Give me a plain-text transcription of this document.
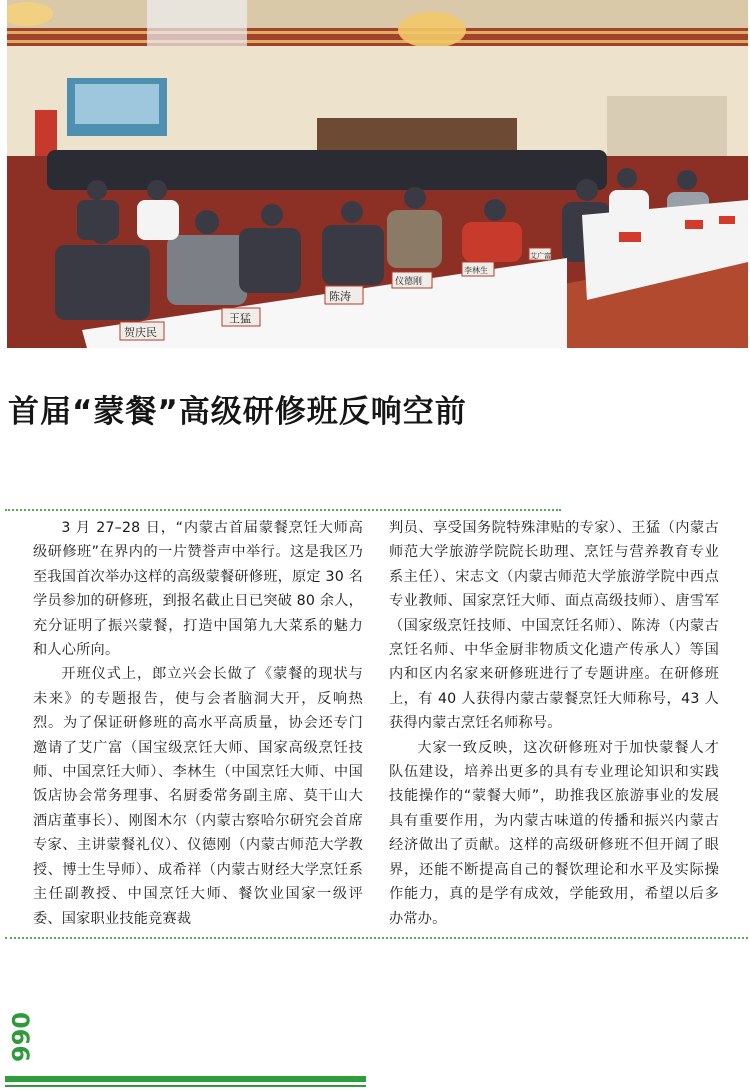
贺庆民
王猛
陈涛
仪德刚
李林生
艾广富
首届“蒙餐”高级研修班反响空前

3 月 27–28 日，“内蒙古首届蒙餐烹饪大师高级研修班”在界内的一片赞誉声中举行。这是我区乃至我国首次举办这样的高级蒙餐研修班，原定 30 名学员参加的研修班，到报名截止日已突破 80 余人，充分证明了振兴蒙餐，打造中国第九大菜系的魅力和人心所向。

开班仪式上，郎立兴会长做了《蒙餐的现状与未来》的专题报告，使与会者脑洞大开，反响热烈。为了保证研修班的高水平高质量，协会还专门邀请了艾广富（国宝级烹饪大师、国家高级烹饪技师、中国烹饪大师）、李林生（中国烹饪大师、中国饭店协会常务理事、名厨委常务副主席、莫干山大酒店董事长）、刚图木尔（内蒙古察哈尔研究会首席专家、主讲蒙餐礼仪）、仪德刚（内蒙古师范大学教授、博士生导师）、成希祥（内蒙古财经大学烹饪系主任副教授、中国烹饪大师、餐饮业国家一级评委、国家职业技能竞赛裁

判员、享受国务院特殊津贴的专家）、王猛（内蒙古师范大学旅游学院院长助理、烹饪与营养教育专业系主任）、宋志文（内蒙古师范大学旅游学院中西点专业教师、国家烹饪大师、面点高级技师）、唐雪军（国家级烹饪技师、中国烹饪名师）、陈涛（内蒙古烹饪名师、中华金厨非物质文化遗产传承人）等国内和区内名家来研修班进行了专题讲座。在研修班上，有 40 人获得内蒙古蒙餐烹饪大师称号，43 人获得内蒙古烹饪名师称号。

大家一致反映，这次研修班对于加快蒙餐人才队伍建设，培养出更多的具有专业理论知识和实践技能操作的“蒙餐大师”，助推我区旅游事业的发展具有重要作用，为内蒙古味道的传播和振兴内蒙古经济做出了贡献。这样的高级研修班不但开阔了眼界，还能不断提高自己的餐饮理论和水平及实际操作能力，真的是学有成效，学能致用，希望以后多办常办。

066
